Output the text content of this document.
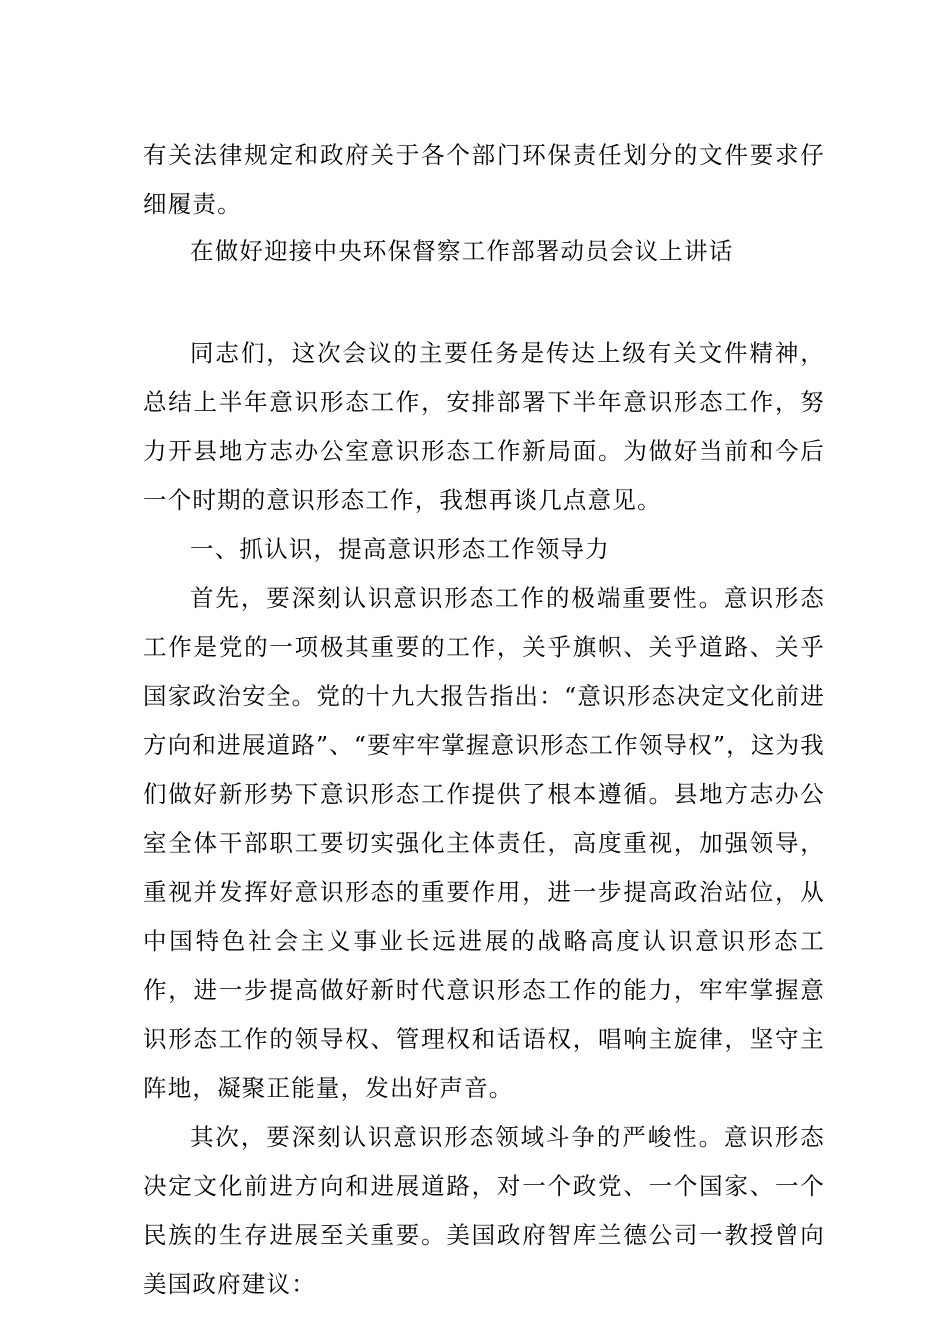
有关法律规定和政府关于各个部门环保责任划分的文件要求仔细履责。

在做好迎接中央环保督察工作部署动员会议上讲话

同志们，这次会议的主要任务是传达上级有关文件精神，总结上半年意识形态工作，安排部署下半年意识形态工作，努力开县地方志办公室意识形态工作新局面。为做好当前和今后一个时期的意识形态工作，我想再谈几点意见。

一、抓认识，提高意识形态工作领导力

首先，要深刻认识意识形态工作的极端重要性。意识形态工作是党的一项极其重要的工作，关乎旗帜、关乎道路、关乎国家政治安全。党的十九大报告指出：“意识形态决定文化前进方向和进展道路”、“要牢牢掌握意识形态工作领导权”，这为我们做好新形势下意识形态工作提供了根本遵循。县地方志办公室全体干部职工要切实强化主体责任，高度重视，加强领导，重视并发挥好意识形态的重要作用，进一步提高政治站位，从中国特色社会主义事业长远进展的战略高度认识意识形态工作，进一步提高做好新时代意识形态工作的能力，牢牢掌握意识形态工作的领导权、管理权和话语权，唱响主旋律，坚守主阵地，凝聚正能量，发出好声音。

其次，要深刻认识意识形态领域斗争的严峻性。意识形态决定文化前进方向和进展道路，对一个政党、一个国家、一个民族的生存进展至关重要。美国政府智库兰德公司一教授曾向美国政府建议：
